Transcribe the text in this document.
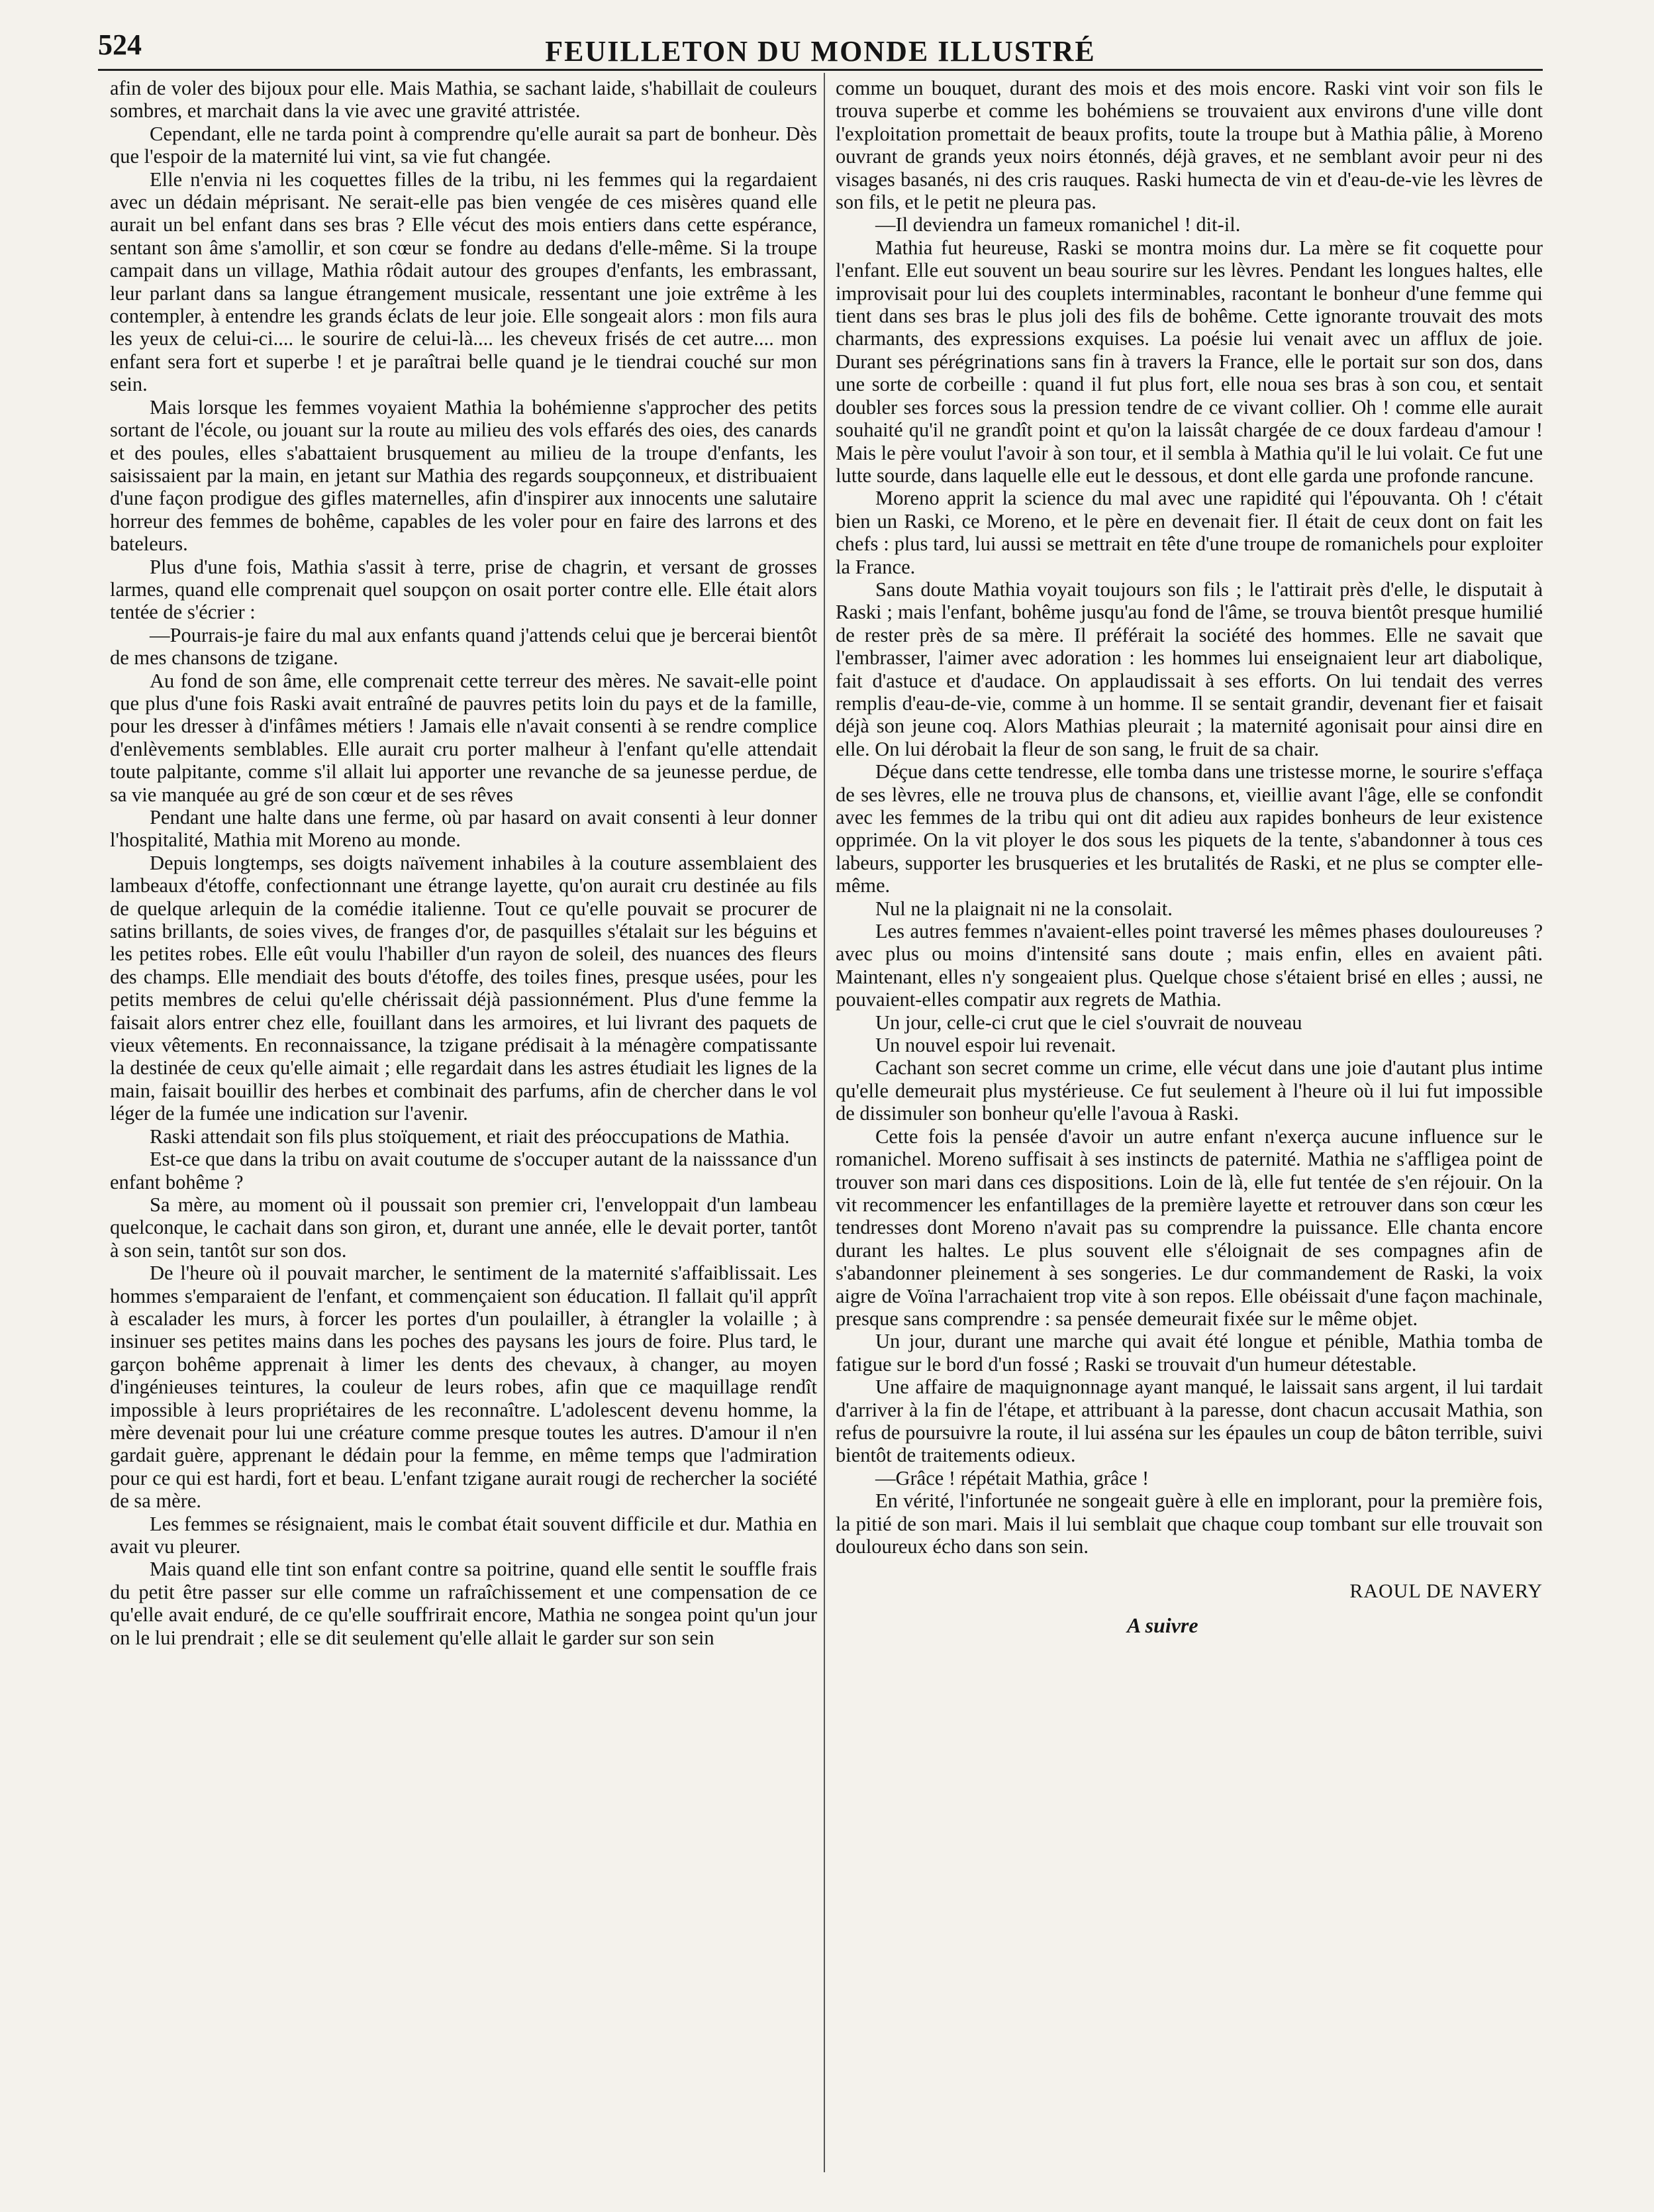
524	FEUILLETON DU MONDE ILLUSTRÉ

afin de voler des bijoux pour elle. Mais Mathia, se sachant laide, s'habillait de couleurs sombres, et marchait dans la vie avec une gravité attristée.

Cependant, elle ne tarda point à comprendre qu'elle aurait sa part de bonheur. Dès que l'espoir de la maternité lui vint, sa vie fut changée.

Elle n'envia ni les coquettes filles de la tribu, ni les femmes qui la regardaient avec un dédain méprisant. Ne serait-elle pas bien vengée de ces misères quand elle aurait un bel enfant dans ses bras ? Elle vécut des mois entiers dans cette espérance, sentant son âme s'amollir, et son cœur se fondre au dedans d'elle-même. Si la troupe campait dans un village, Mathia rôdait autour des groupes d'enfants, les embrassant, leur parlant dans sa langue étrangement musicale, ressentant une joie extrême à les contempler, à entendre les grands éclats de leur joie. Elle songeait alors : mon fils aura les yeux de celui-ci.... le sourire de celui-là.... les cheveux frisés de cet autre.... mon enfant sera fort et superbe ! et je paraîtrai belle quand je le tiendrai couché sur mon sein.

Mais lorsque les femmes voyaient Mathia la bohémienne s'approcher des petits sortant de l'école, ou jouant sur la route au milieu des vols effarés des oies, des canards et des poules, elles s'abattaient brusquement au milieu de la troupe d'enfants, les saisissaient par la main, en jetant sur Mathia des regards soupçonneux, et distribuaient d'une façon prodigue des gifles maternelles, afin d'inspirer aux innocents une salutaire horreur des femmes de bohême, capables de les voler pour en faire des larrons et des bateleurs.

Plus d'une fois, Mathia s'assit à terre, prise de chagrin, et versant de grosses larmes, quand elle comprenait quel soupçon on osait porter contre elle. Elle était alors tentée de s'écrier :

—Pourrais-je faire du mal aux enfants quand j'attends celui que je bercerai bientôt de mes chansons de tzigane.

Au fond de son âme, elle comprenait cette terreur des mères. Ne savait-elle point que plus d'une fois Raski avait entraîné de pauvres petits loin du pays et de la famille, pour les dresser à d'infâmes métiers ! Jamais elle n'avait consenti à se rendre complice d'enlèvements semblables. Elle aurait cru porter malheur à l'enfant qu'elle attendait toute palpitante, comme s'il allait lui apporter une revanche de sa jeunesse perdue, de sa vie manquée au gré de son cœur et de ses rêves

Pendant une halte dans une ferme, où par hasard on avait consenti à leur donner l'hospitalité, Mathia mit Moreno au monde.

Depuis longtemps, ses doigts naïvement inhabiles à la couture assemblaient des lambeaux d'étoffe, confectionnant une étrange layette, qu'on aurait cru destinée au fils de quelque arlequin de la comédie italienne. Tout ce qu'elle pouvait se procurer de satins brillants, de soies vives, de franges d'or, de pasquilles s'étalait sur les béguins et les petites robes. Elle eût voulu l'habiller d'un rayon de soleil, des nuances des fleurs des champs. Elle mendiait des bouts d'étoffe, des toiles fines, presque usées, pour les petits membres de celui qu'elle chérissait déjà passionnément. Plus d'une femme la faisait alors entrer chez elle, fouillant dans les armoires, et lui livrant des paquets de vieux vêtements. En reconnaissance, la tzigane prédisait à la ménagère compatissante la destinée de ceux qu'elle aimait ; elle regardait dans les astres étudiait les lignes de la main, faisait bouillir des herbes et combinait des parfums, afin de chercher dans le vol léger de la fumée une indication sur l'avenir.

Raski attendait son fils plus stoïquement, et riait des préoccupations de Mathia.

Est-ce que dans la tribu on avait coutume de s'occuper autant de la naisssance d'un enfant bohême ?

Sa mère, au moment où il poussait son premier cri, l'enveloppait d'un lambeau quelconque, le cachait dans son giron, et, durant une année, elle le devait porter, tantôt à son sein, tantôt sur son dos.

De l'heure où il pouvait marcher, le sentiment de la maternité s'affaiblissait. Les hommes s'emparaient de l'enfant, et commençaient son éducation. Il fallait qu'il apprît à escalader les murs, à forcer les portes d'un poulailler, à étrangler la volaille ; à insinuer ses petites mains dans les poches des paysans les jours de foire. Plus tard, le garçon bohême apprenait à limer les dents des chevaux, à changer, au moyen d'ingénieuses teintures, la couleur de leurs robes, afin que ce maquillage rendît impossible à leurs propriétaires de les reconnaître. L'adolescent devenu homme, la mère devenait pour lui une créature comme presque toutes les autres. D'amour il n'en gardait guère, apprenant le dédain pour la femme, en même temps que l'admiration pour ce qui est hardi, fort et beau. L'enfant tzigane aurait rougi de rechercher la société de sa mère.

Les femmes se résignaient, mais le combat était souvent difficile et dur. Mathia en avait vu pleurer.

Mais quand elle tint son enfant contre sa poitrine, quand elle sentit le souffle frais du petit être passer sur elle comme un rafraîchissement et une compensation de ce qu'elle avait enduré, de ce qu'elle souffrirait encore, Mathia ne songea point qu'un jour on le lui prendrait ; elle se dit seulement qu'elle allait le garder sur son sein

comme un bouquet, durant des mois et des mois encore. Raski vint voir son fils le trouva superbe et comme les bohémiens se trouvaient aux environs d'une ville dont l'exploitation promettait de beaux profits, toute la troupe but à Mathia pâlie, à Moreno ouvrant de grands yeux noirs étonnés, déjà graves, et ne semblant avoir peur ni des visages basanés, ni des cris rauques. Raski humecta de vin et d'eau-de-vie les lèvres de son fils, et le petit ne pleura pas.

—Il deviendra un fameux romanichel ! dit-il.

Mathia fut heureuse, Raski se montra moins dur. La mère se fit coquette pour l'enfant. Elle eut souvent un beau sourire sur les lèvres. Pendant les longues haltes, elle improvisait pour lui des couplets interminables, racontant le bonheur d'une femme qui tient dans ses bras le plus joli des fils de bohême. Cette ignorante trouvait des mots charmants, des expressions exquises. La poésie lui venait avec un afflux de joie. Durant ses pérégrinations sans fin à travers la France, elle le portait sur son dos, dans une sorte de corbeille : quand il fut plus fort, elle noua ses bras à son cou, et sentait doubler ses forces sous la pression tendre de ce vivant collier. Oh ! comme elle aurait souhaité qu'il ne grandît point et qu'on la laissât chargée de ce doux fardeau d'amour ! Mais le père voulut l'avoir à son tour, et il sembla à Mathia qu'il le lui volait. Ce fut une lutte sourde, dans laquelle elle eut le dessous, et dont elle garda une profonde rancune.

Moreno apprit la science du mal avec une rapidité qui l'épouvanta. Oh ! c'était bien un Raski, ce Moreno, et le père en devenait fier. Il était de ceux dont on fait les chefs : plus tard, lui aussi se mettrait en tête d'une troupe de romanichels pour exploiter la France.

Sans doute Mathia voyait toujours son fils ; le l'attirait près d'elle, le disputait à Raski ; mais l'enfant, bohême jusqu'au fond de l'âme, se trouva bientôt presque humilié de rester près de sa mère. Il préférait la société des hommes. Elle ne savait que l'embrasser, l'aimer avec adoration : les hommes lui enseignaient leur art diabolique, fait d'astuce et d'audace. On applaudissait à ses efforts. On lui tendait des verres remplis d'eau-de-vie, comme à un homme. Il se sentait grandir, devenant fier et faisait déjà son jeune coq. Alors Mathias pleurait ; la maternité agonisait pour ainsi dire en elle. On lui dérobait la fleur de son sang, le fruit de sa chair.

Déçue dans cette tendresse, elle tomba dans une tristesse morne, le sourire s'effaça de ses lèvres, elle ne trouva plus de chansons, et, vieillie avant l'âge, elle se confondit avec les femmes de la tribu qui ont dit adieu aux rapides bonheurs de leur existence opprimée. On la vit ployer le dos sous les piquets de la tente, s'abandonner à tous ces labeurs, supporter les brusqueries et les brutalités de Raski, et ne plus se compter elle-même.

Nul ne la plaignait ni ne la consolait.

Les autres femmes n'avaient-elles point traversé les mêmes phases douloureuses ? avec plus ou moins d'intensité sans doute ; mais enfin, elles en avaient pâti. Maintenant, elles n'y songeaient plus. Quelque chose s'étaient brisé en elles ; aussi, ne pouvaient-elles compatir aux regrets de Mathia.

Un jour, celle-ci crut que le ciel s'ouvrait de nouveau

Un nouvel espoir lui revenait.

Cachant son secret comme un crime, elle vécut dans une joie d'autant plus intime qu'elle demeurait plus mystérieuse. Ce fut seulement à l'heure où il lui fut impossible de dissimuler son bonheur qu'elle l'avoua à Raski.

Cette fois la pensée d'avoir un autre enfant n'exerça aucune influence sur le romanichel. Moreno suffisait à ses instincts de paternité. Mathia ne s'affligea point de trouver son mari dans ces dispositions. Loin de là, elle fut tentée de s'en réjouir. On la vit recommencer les enfantillages de la première layette et retrouver dans son cœur les tendresses dont Moreno n'avait pas su comprendre la puissance. Elle chanta encore durant les haltes. Le plus souvent elle s'éloignait de ses compagnes afin de s'abandonner pleinement à ses songeries. Le dur commandement de Raski, la voix aigre de Voïna l'arrachaient trop vite à son repos. Elle obéissait d'une façon machinale, presque sans comprendre : sa pensée demeurait fixée sur le même objet.

Un jour, durant une marche qui avait été longue et pénible, Mathia tomba de fatigue sur le bord d'un fossé ; Raski se trouvait d'un humeur détestable.

Une affaire de maquignonnage ayant manqué, le laissait sans argent, il lui tardait d'arriver à la fin de l'étape, et attribuant à la paresse, dont chacun accusait Mathia, son refus de poursuivre la route, il lui asséna sur les épaules un coup de bâton terrible, suivi bientôt de traitements odieux.

—Grâce ! répétait Mathia, grâce !

En vérité, l'infortunée ne songeait guère à elle en implorant, pour la première fois, la pitié de son mari. Mais il lui semblait que chaque coup tombant sur elle trouvait son douloureux écho dans son sein.

RAOUL DE NAVERY
A suivre
